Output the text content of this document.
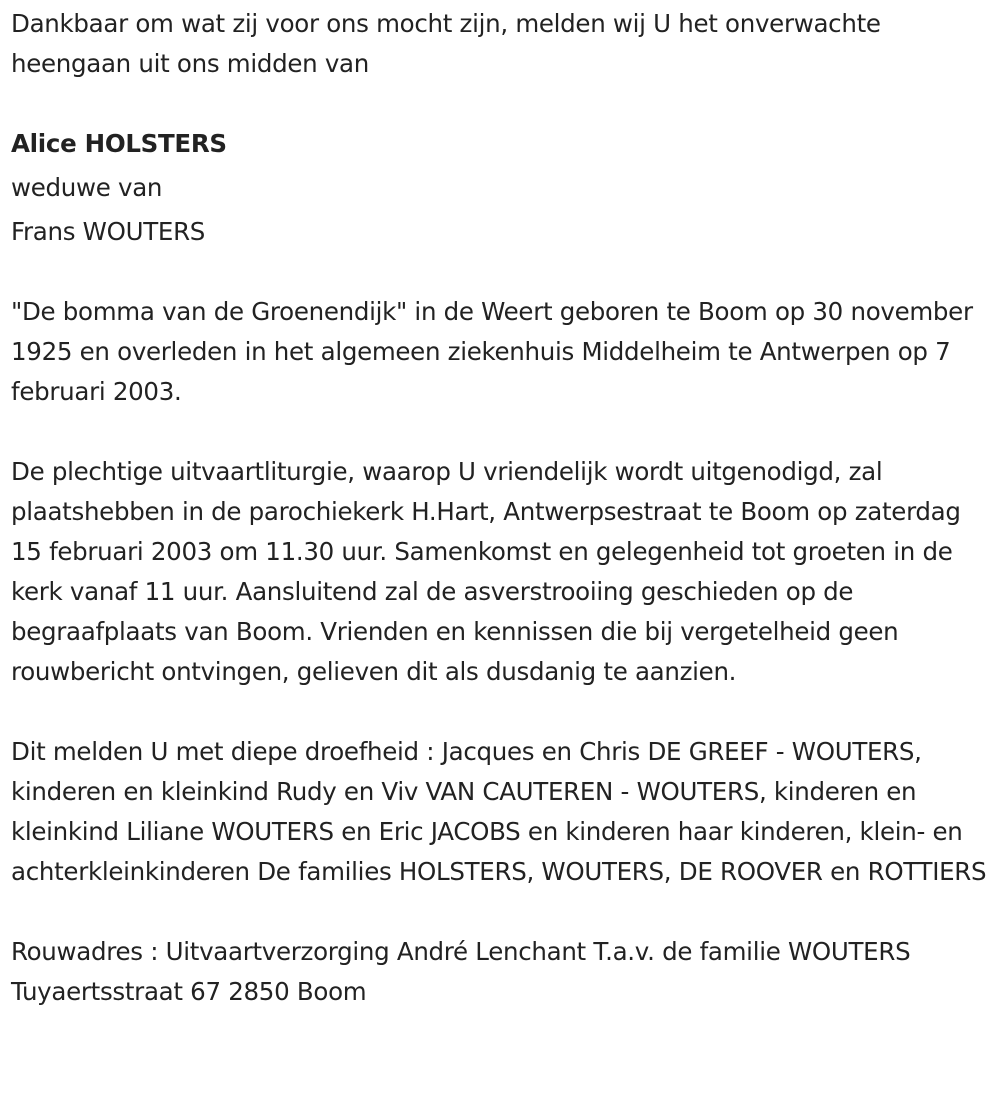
Dankbaar om wat zij voor ons mocht zijn, melden wij U het onverwachte heengaan uit ons midden van

Alice HOLSTERS

weduwe van

Frans WOUTERS

"De bomma van de Groenendijk" in de Weert geboren te Boom op 30 november 1925 en overleden in het algemeen ziekenhuis Middelheim te Antwerpen op 7 februari 2003.

De plechtige uitvaartliturgie, waarop U vriendelijk wordt uitgenodigd, zal plaatshebben in de parochiekerk H.Hart, Antwerpsestraat te Boom op zaterdag 15 februari 2003 om 11.30 uur. Samenkomst en gelegenheid tot groeten in de kerk vanaf 11 uur. Aansluitend zal de asverstrooiing geschieden op de begraafplaats van Boom. Vrienden en kennissen die bij vergetelheid geen rouwbericht ontvingen, gelieven dit als dusdanig te aanzien.

Dit melden U met diepe droefheid : Jacques en Chris DE GREEF - WOUTERS, kinderen en kleinkind Rudy en Viv VAN CAUTEREN - WOUTERS, kinderen en kleinkind Liliane WOUTERS en Eric JACOBS en kinderen haar kinderen, klein- en achterkleinkinderen De families HOLSTERS, WOUTERS, DE ROOVER en ROTTIERS

Rouwadres : Uitvaartverzorging André Lenchant T.a.v. de familie WOUTERS Tuyaertsstraat 67 2850 Boom
